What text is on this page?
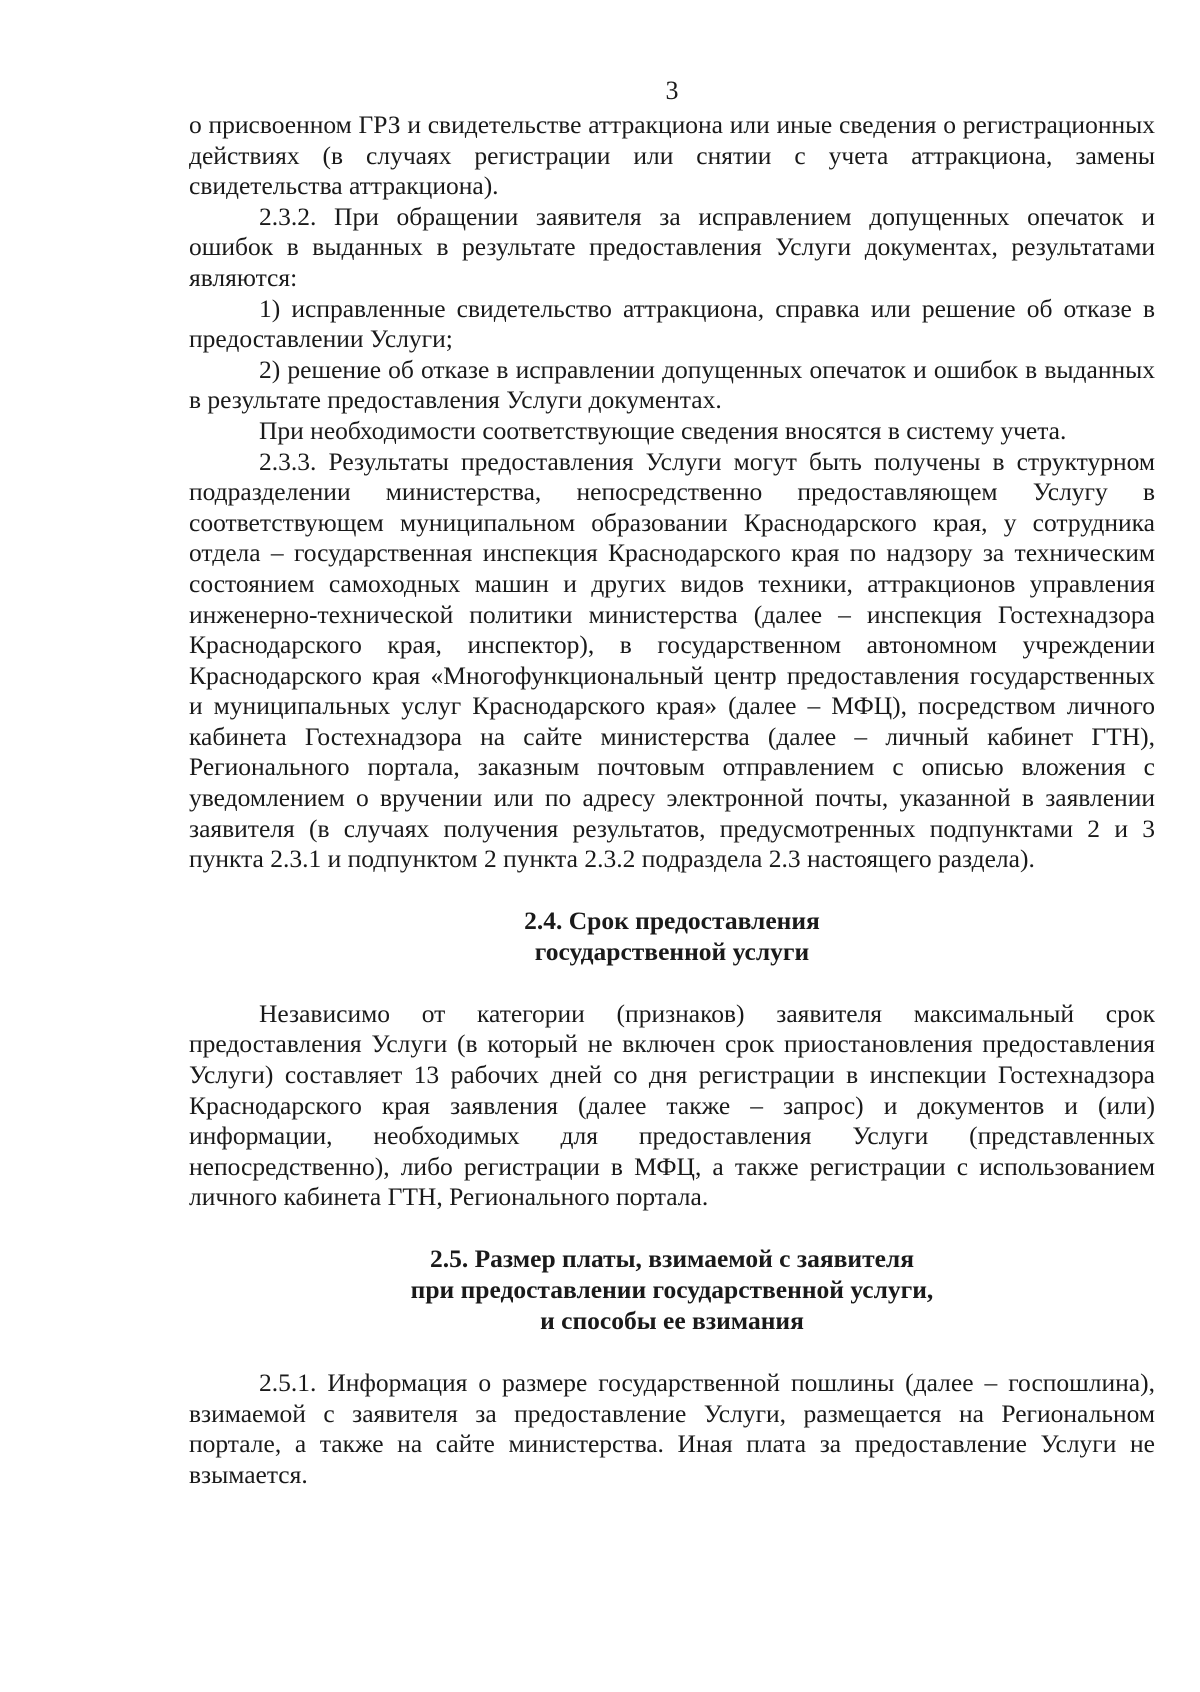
3

о присвоенном ГРЗ и свидетельстве аттракциона или иные сведения о регистрационных действиях (в случаях регистрации или снятии с учета аттракциона, замены свидетельства аттракциона).

2.3.2. При обращении заявителя за исправлением допущенных опечаток и ошибок в выданных в результате предоставления Услуги документах, результатами являются:

1) исправленные свидетельство аттракциона, справка или решение об отказе в предоставлении Услуги;

2) решение об отказе в исправлении допущенных опечаток и ошибок в выданных в результате предоставления Услуги документах.

При необходимости соответствующие сведения вносятся в систему учета.

2.3.3. Результаты предоставления Услуги могут быть получены в структурном подразделении министерства, непосредственно предоставляющем Услугу в соответствующем муниципальном образовании Краснодарского края, у сотрудника отдела – государственная инспекция Краснодарского края по надзору за техническим состоянием самоходных машин и других видов техники, аттракционов управления инженерно-технической политики министерства (далее – инспекция Гостехнадзора Краснодарского края, инспектор), в государственном автономном учреждении Краснодарского края «Многофункциональный центр предоставления государственных и муниципальных услуг Краснодарского края» (далее – МФЦ), посредством личного кабинета Гостехнадзора на сайте министерства (далее – личный кабинет ГТН), Регионального портала, заказным почтовым отправлением с описью вложения с уведомлением о вручении или по адресу электронной почты, указанной в заявлении заявителя (в случаях получения результатов, предусмотренных подпунктами 2 и 3 пункта 2.3.1 и подпунктом 2 пункта 2.3.2 подраздела 2.3 настоящего раздела).

2.4. Срок предоставления
государственной услуги

Независимо от категории (признаков) заявителя максимальный срок предоставления Услуги (в который не включен срок приостановления предоставления Услуги) составляет 13 рабочих дней со дня регистрации в инспекции Гостехнадзора Краснодарского края заявления (далее также – запрос) и документов и (или) информации, необходимых для предоставления Услуги (представленных непосредственно), либо регистрации в МФЦ, а также регистрации с использованием личного кабинета ГТН, Регионального портала.

2.5. Размер платы, взимаемой с заявителя
при предоставлении государственной услуги,
и способы ее взимания

2.5.1. Информация о размере государственной пошлины (далее – госпошлина), взимаемой с заявителя за предоставление Услуги, размещается на Региональном портале, а также на сайте министерства. Иная плата за предоставление Услуги не взымается.
